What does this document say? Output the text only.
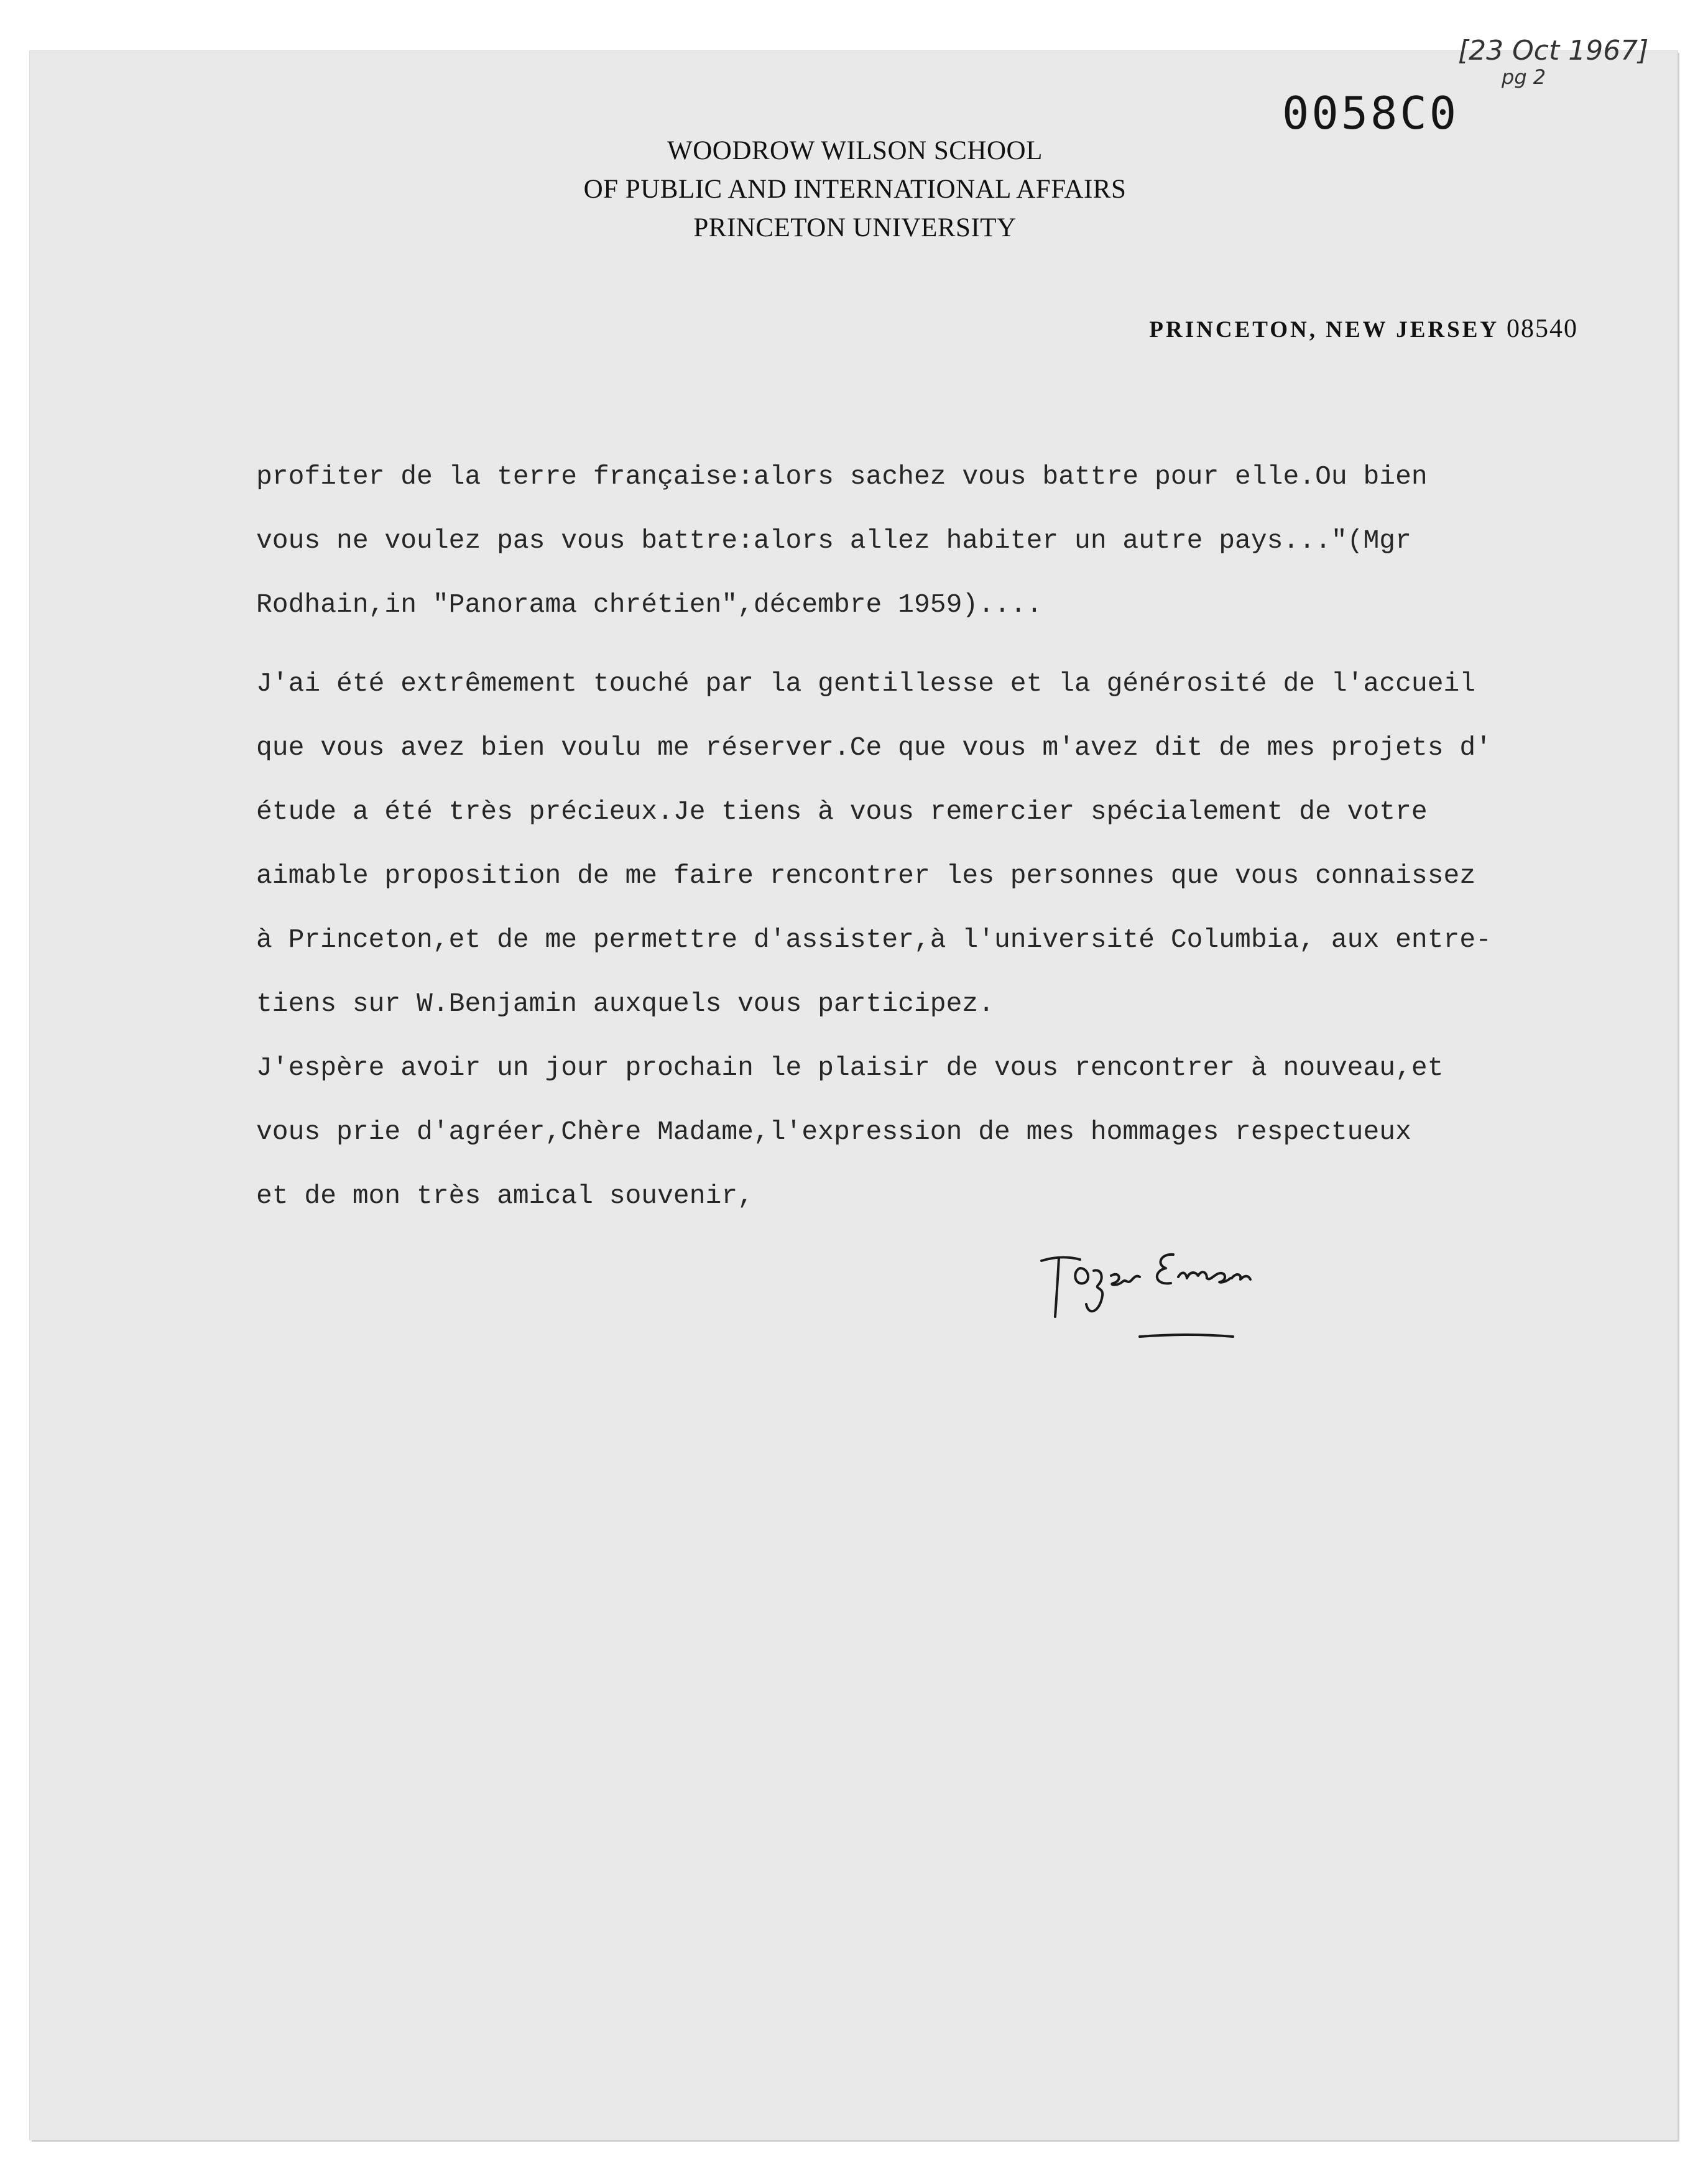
[23 Oct 1967]
pg 2
0058C0
WOODROW WILSON SCHOOL
OF PUBLIC AND INTERNATIONAL AFFAIRS
PRINCETON UNIVERSITY
PRINCETON, NEW JERSEY 08540

profiter de la terre française:alors sachez vous battre pour elle.Ou bien

vous ne voulez pas vous battre:alors allez habiter un autre pays..."(Mgr

Rodhain,in "Panorama chrétien",décembre 1959)....

J'ai été extrêmement touché par la gentillesse et la générosité de l'accueil

que vous avez bien voulu me réserver.Ce que vous m'avez dit de mes projets d'

étude a été très précieux.Je tiens à vous remercier spécialement de votre

aimable proposition de me faire rencontrer les personnes que vous connaissez

à Princeton,et de me permettre d'assister,à l'université Columbia, aux entre-

tiens sur W.Benjamin auxquels vous participez.

J'espère avoir un jour prochain le plaisir de vous rencontrer à nouveau,et

vous prie d'agréer,Chère Madame,l'expression de mes hommages respectueux

et de mon très amical souvenir,
